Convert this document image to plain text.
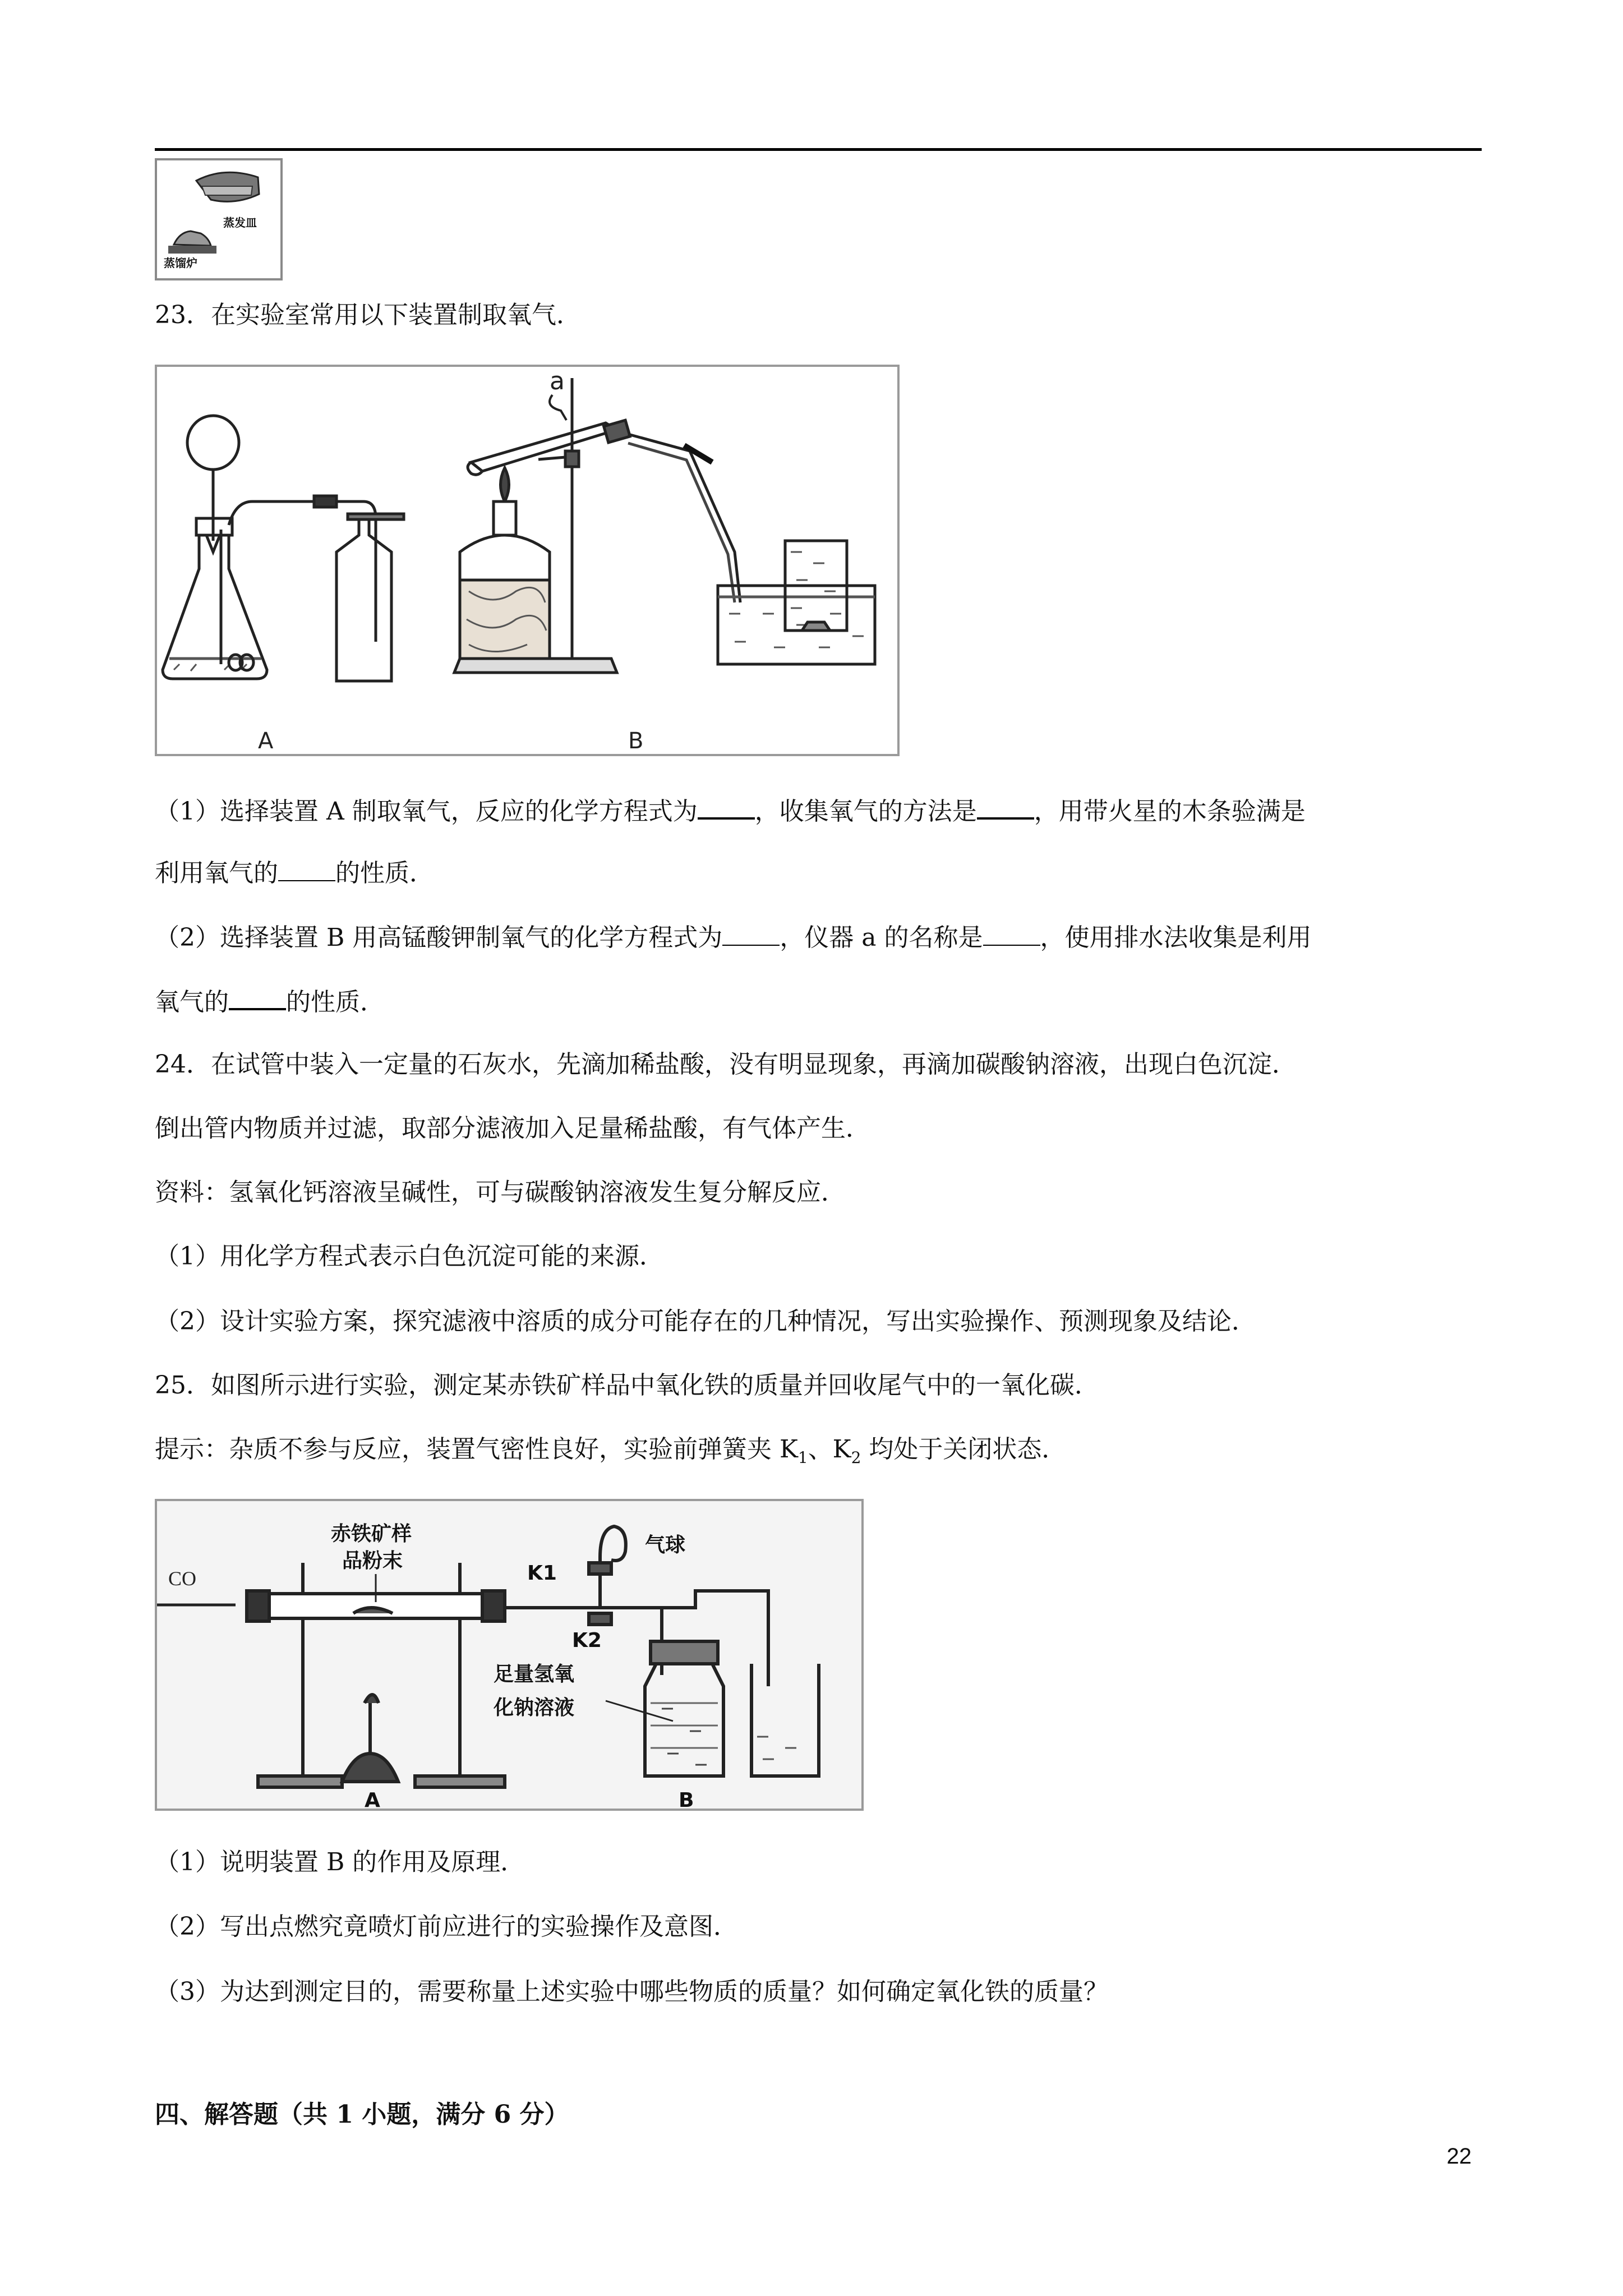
蒸发皿
蒸馏炉
23．在实验室常用以下装置制取氧气．
a
A	B
（1）选择装置 A 制取氧气，反应的化学方程式为 ，收集氧气的方法是 ，用带火星的木条验满是
利用氧气的 的性质．
（2）选择装置 B 用高锰酸钾制氧气的化学方程式为 ，仪器 a 的名称是 ，使用排水法收集是利用
氧气的 的性质．
24．在试管中装入一定量的石灰水，先滴加稀盐酸，没有明显现象，再滴加碳酸钠溶液，出现白色沉淀．
倒出管内物质并过滤，取部分滤液加入足量稀盐酸，有气体产生．
资料：氢氧化钙溶液呈碱性，可与碳酸钠溶液发生复分解反应．
（1）用化学方程式表示白色沉淀可能的来源．
（2）设计实验方案，探究滤液中溶质的成分可能存在的几种情况，写出实验操作、预测现象及结论．
25．如图所示进行实验，测定某赤铁矿样品中氧化铁的质量并回收尾气中的一氧化碳．
提示：杂质不参与反应，装置气密性良好，实验前弹簧夹 $K_1$、$K_2$ 均处于关闭状态．
CO
赤铁矿样
品粉末
气球
K1
K2
足量氢氧
化钠溶液
A	B
（1）说明装置 B 的作用及原理．
（2）写出点燃究竟喷灯前应进行的实验操作及意图．
（3）为达到测定目的，需要称量上述实验中哪些物质的质量？如何确定氧化铁的质量？
四、解答题（共 1 小题，满分 6 分）
22
